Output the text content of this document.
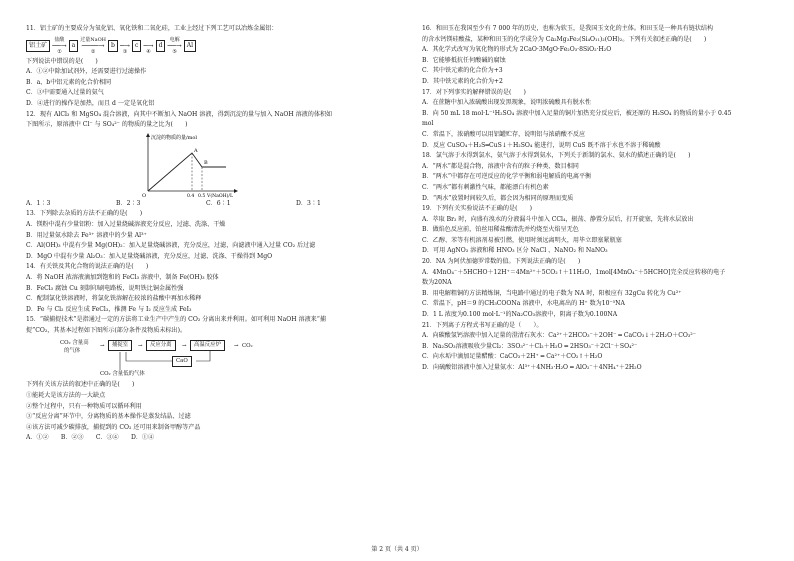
11．铝土矿的主要成分为氧化铝、氧化铁和二氧化硅，工业上经过下列工艺可以冶炼金属铝：
铝土矿
盐酸
──→
①
a
过量NaOH
────→
②
b
─→
③
c
─→
④
d
电解
──→
⑤
Al
下列说法中错误的是(　　)
A．①②中除加试剂外，还需要进行过滤操作
B．a、b中铝元素的化合价相同
C．③中需要通入过量的氨气
D．④进行的操作是加热，而且 d 一定是氧化铝
12．现有 AlCl₃ 和 MgSO₄ 混合溶液，向其中不断加入 NaOH 溶液，得到沉淀的量与加入 NaOH 溶液的体积如
下图所示，原溶液中 Cl⁻ 与 SO₄²⁻ 的物质的量之比为(　　)
沉淀的物质的量/mol
V(NaOH)/L
O	0.4 0.5
A
B
A．1∶3	B．2∶3	C．6∶1	D．3∶1
13．下列除去杂质的方法不正确的是(　　)
A．镁粉中混有少量铝粉：加入过量烧碱溶液充分反应，过滤、洗涤、干燥
B．用过量氨水除去 Fe³⁺ 溶液中的少量 Al³⁺
C．Al(OH)₃ 中混有少量 Mg(OH)₂：加入足量烧碱溶液，充分反应，过滤，向滤液中通入过量 CO₂ 后过滤
D．MgO 中混有少量 Al₂O₃：加入足量烧碱溶液，充分反应，过滤、洗涤、干燥得到 MgO
14．有关铁及其化合物的说法正确的是(　　)
A．将 NaOH 浓溶液滴加到饱和的 FeCl₃ 溶液中，制备 Fe(OH)₃ 胶体
B．FeCl₃ 腐蚀 Cu 刻制印刷电路板，说明铁比铜金属性强
C．配制氯化铁溶液时，将氯化铁溶解在较浓的盐酸中再加水稀释
D．Fe 与 Cl₂ 反应生成 FeCl₃，推测 Fe 与 I₂ 反应生成 FeI₃
15．“碳捕捉技术”是指通过一定的方法将工业生产中产生的 CO₂ 分离出来并利用。如可利用 NaOH 溶液来“捕
捉”CO₂，其基本过程如下图所示(部分条件及物质未标出)。
CO₂ 含量高
的气体
→	捕捉室	→	反应分离	→	高温反应炉	→ CO₂
CaO
CO₂ 含量低的气体
下列有关该方法的叙述中正确的是(　　)
①能耗大是该方法的一大缺点
②整个过程中，只有一种物质可以循环利用
③“反应分离”环节中，分离物质的基本操作是蒸发结晶、过滤
④该方法可减少碳排放，捕捉到的 CO₂ 还可用来制备甲醇等产品
A．①②　　B．②③　　C．③④　　D．①④
16．和田玉在我国至少有 7 000 年的历史，也称为软玉，是我国玉文化的主体。和田玉是一种具有链状结构
的含水钙镁硅酸盐，某种和田玉的化学成分为 Ca₂Mg₃Fe₂(Si₄O₁₁)₂(OH)₂。下列有关叙述正确的是(　　)
A．其化学式改写为氧化物的形式为 2CaO·3MgO·Fe₂O₃·8SiO₂·H₂O
B．它能够抵抗任何酸碱的腐蚀
C．其中铁元素的化合价为+3
D．其中铁元素的化合价为+2
17．对下列事实的解释错误的是(　　)
A．在蔗糖中加入浓硫酸出现发黑现象，说明浓硫酸具有脱水性
B．向 50 mL 18 mol·L⁻¹H₂SO₄ 溶液中加入足量的铜片加热充分反应后，被还原的 H₂SO₄ 的物质的量小于 0.45
mol
C．常温下，浓硝酸可以用铝罐贮存，说明铝与浓硝酸不反应
D．反应 CuSO₄＋H₂S═CuS↓＋H₂SO₄ 能进行，说明 CuS 既不溶于水也不溶于稀硫酸
18．氯气溶于水得到氯水，氨气溶于水得到氨水，下列关于新制的氯水、氨水的描述正确的是(　　)
A．“两水”都是混合物，溶液中含有的粒子种类、数目相同
B．“两水”中都存在可逆反应的化学平衡和弱电解质的电离平衡
C．“两水”都有刺激性气味，都能漂白有机色素
D．“两水”放置时间较久后，都会因为相同的原理而变质
19．下列有关实验说法不正确的是(　　)
A．萃取 Br₂ 时，向盛有溴水的分液漏斗中加入 CCl₄，振荡、静置分层后，打开旋塞，先将水层放出
B．做焰色反应前，铂丝用稀盐酸清洗并灼烧至火焰呈无色
C．乙醇、苯等有机溶剂易被引燃，使用时须远离明火，用毕立即塞紧瓶塞
D．可用 AgNO₃ 溶液和稀 HNO₃ 区分 NaCl 、NaNO₂ 和 NaNO₃
20．NA 为阿伏加德罗常数的值。下列说法正确的是(　　)
A．4MnO₄⁻＋5HCHO＋12H⁺＝4Mn²⁺＋5CO₂↑＋11H₂O，1mol[4MnO₄⁻＋5HCHO]完全反应转移的电子
数为20NA
B．用电解粗铜的方法精炼铜，当电路中通过的电子数为 NA 时，阳极应有 32gCu 转化为 Cu²⁺
C．常温下，pH＝9 的CH₃COONa 溶液中，水电离出的 H⁺ 数为10⁻⁵NA
D．1 L 浓度为0.100 mol·L⁻¹的Na₂CO₃溶液中，阴离子数为0.100NA
21．下列离子方程式书写正确的是（　　）。
A．向碳酸氢钙溶液中加入足量的澄清石灰水：Ca²⁺＋2HCO₃⁻＋2OH⁻ ═ CaCO₃↓＋2H₂O＋CO₃²⁻
B．Na₂SO₃溶液吸收少量Cl₂：3SO₃²⁻＋Cl₂＋H₂O ═ 2HSO₃⁻＋2Cl⁻＋SO₄²⁻
C．向水垢中滴加足量醋酸：CaCO₃＋2H⁺ ═ Ca²⁺＋CO₂↑＋H₂O
D．向硫酸铝溶液中加入过量氨水：Al³⁺＋4NH₃·H₂O ═ AlO₂⁻＋4NH₄⁺＋2H₂O
第 2 页（共 4 页）
